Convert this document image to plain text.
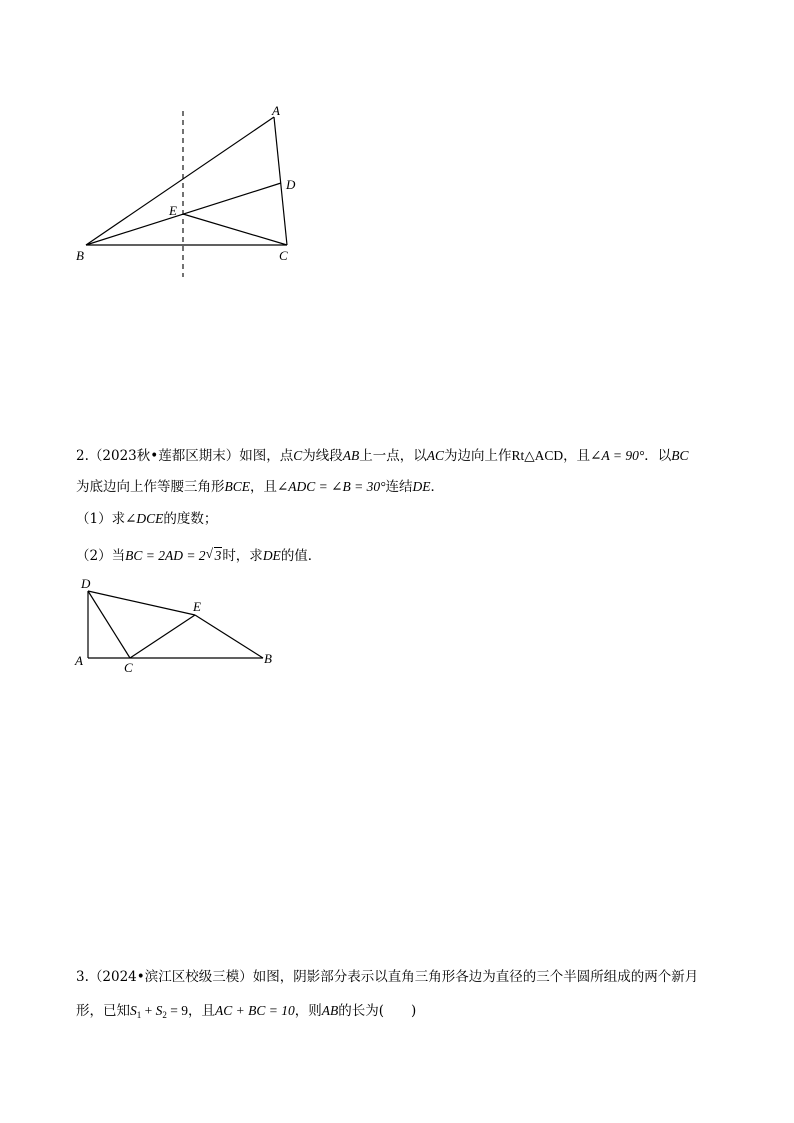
A
D
E
B	C
2.（2023秋•莲都区期末）如图，点C为线段AB上一点，以AC为边向上作Rt△ACD，且∠A = 90°．以BC
为底边向上作等腰三角形BCE，且∠ADC = ∠B = 30°连结DE．
（1）求∠DCE的度数；
（2）当BC = 2AD = 2√ 3时，求DE的值．
D
E
A	C
B
3.（2024•滨江区校级三模）如图，阴影部分表示以直角三角形各边为直径的三个半圆所组成的两个新月
形，已知$S_1 + S_2 = 9$，且AC + BC = 10，则AB的长为(　　)
